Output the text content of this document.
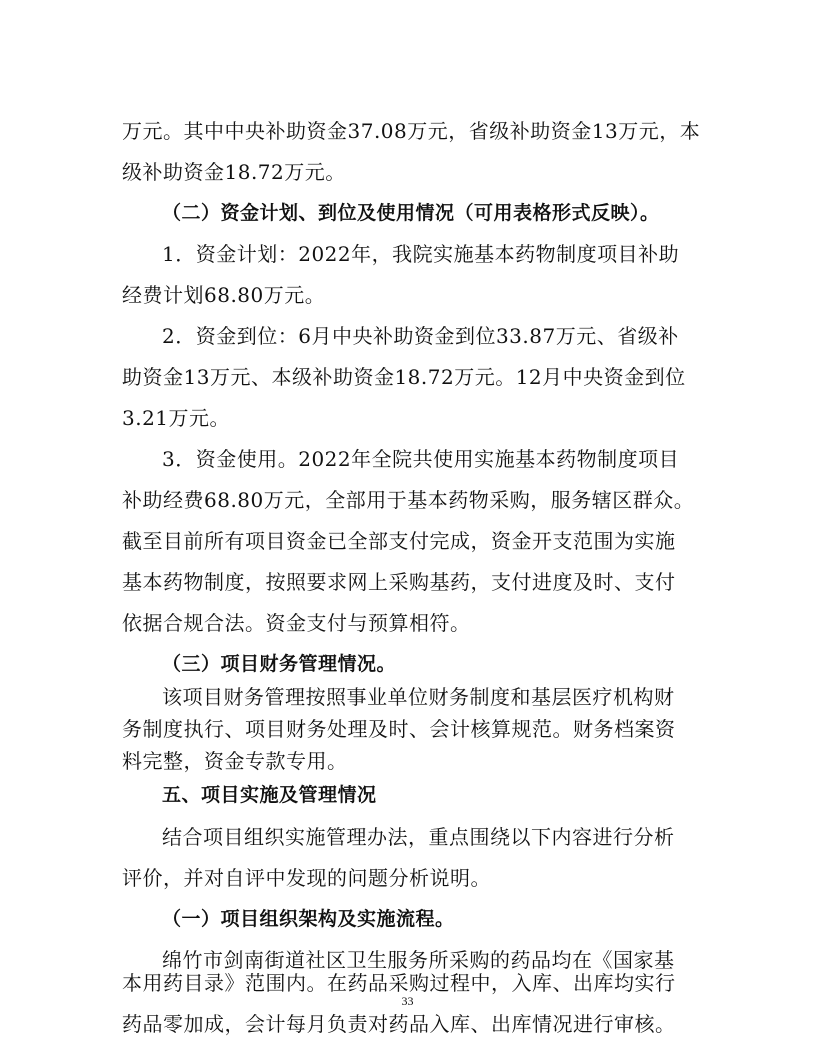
万元。其中中央补助资金37.08万元，省级补助资金13万元，本
级补助资金18.72万元。
（二）资金计划、到位及使用情况（可用表格形式反映）。
1．资金计划：2022年，我院实施基本药物制度项目补助
经费计划68.80万元。
2．资金到位：6月中央补助资金到位33.87万元、省级补
助资金13万元、本级补助资金18.72万元。12月中央资金到位
3.21万元。
3．资金使用。2022年全院共使用实施基本药物制度项目
补助经费68.80万元，全部用于基本药物采购，服务辖区群众。
截至目前所有项目资金已全部支付完成，资金开支范围为实施
基本药物制度，按照要求网上采购基药，支付进度及时、支付
依据合规合法。资金支付与预算相符。
（三）项目财务管理情况。
该项目财务管理按照事业单位财务制度和基层医疗机构财
务制度执行、项目财务处理及时、会计核算规范。财务档案资
料完整，资金专款专用。
五、项目实施及管理情况
结合项目组织实施管理办法，重点围绕以下内容进行分析
评价，并对自评中发现的问题分析说明。
（一）项目组织架构及实施流程。
绵竹市剑南街道社区卫生服务所采购的药品均在《国家基
本用药目录》范围内。在药品采购过程中，入库、出库均实行
药品零加成，会计每月负责对药品入库、出库情况进行审核。
33
